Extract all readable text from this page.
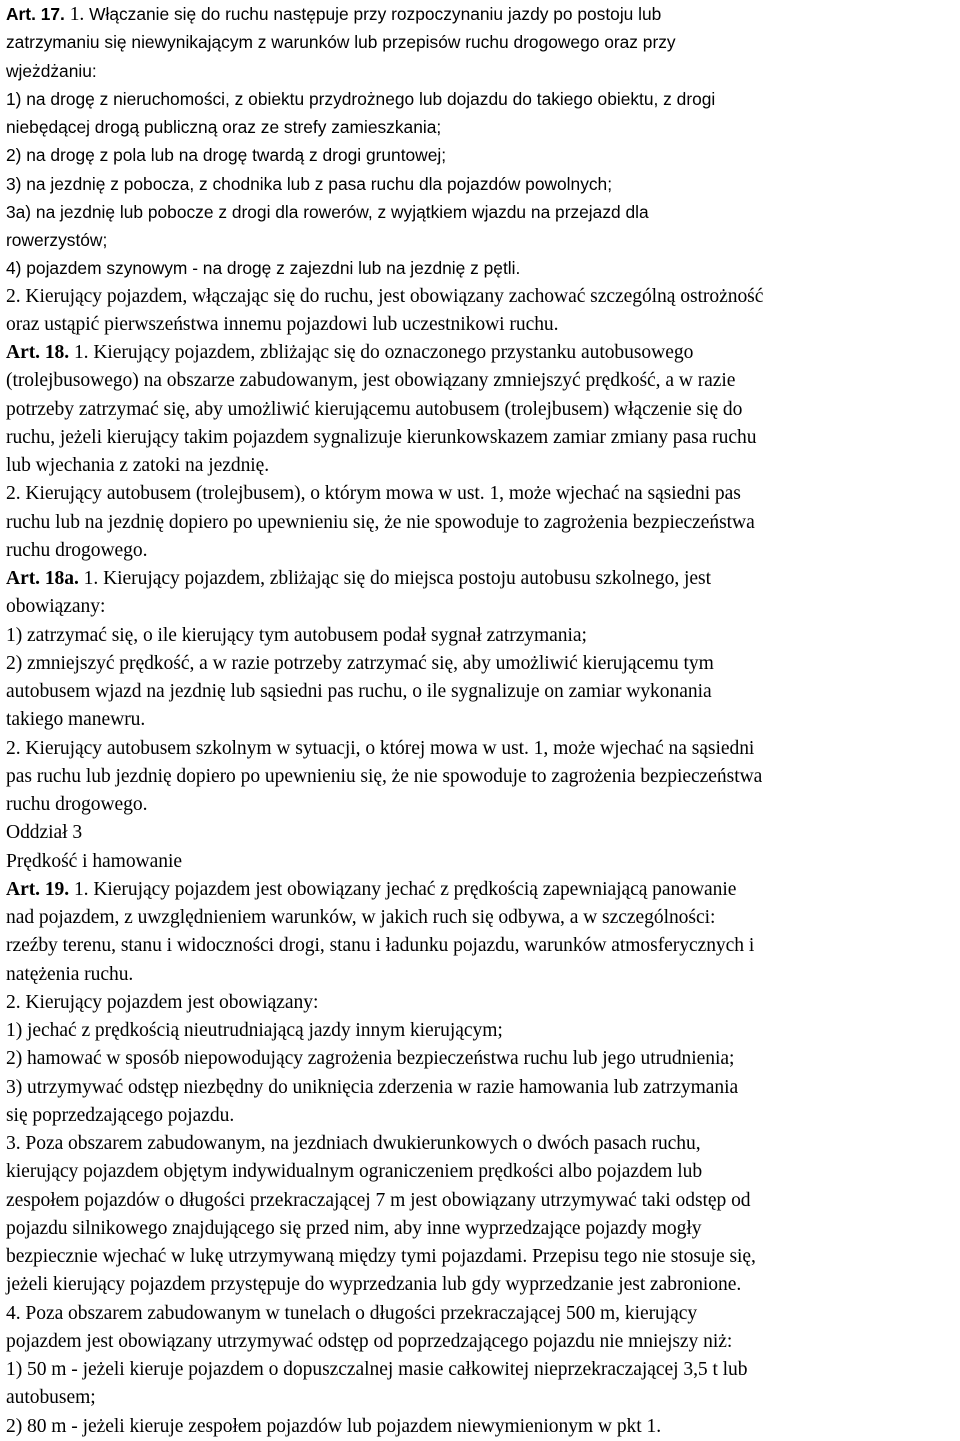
Art. 17. 1. Włączanie się do ruchu następuje przy rozpoczynaniu jazdy po postoju lub
zatrzymaniu się niewynikającym z warunków lub przepisów ruchu drogowego oraz przy
wjeżdżaniu:
1) na drogę z nieruchomości, z obiektu przydrożnego lub dojazdu do takiego obiektu, z drogi
niebędącej drogą publiczną oraz ze strefy zamieszkania;
2) na drogę z pola lub na drogę twardą z drogi gruntowej;
3) na jezdnię z pobocza, z chodnika lub z pasa ruchu dla pojazdów powolnych;
3a) na jezdnię lub pobocze z drogi dla rowerów, z wyjątkiem wjazdu na przejazd dla
rowerzystów;
4) pojazdem szynowym - na drogę z zajezdni lub na jezdnię z pętli.
2. Kierujący pojazdem, włączając się do ruchu, jest obowiązany zachować szczególną ostrożność
oraz ustąpić pierwszeństwa innemu pojazdowi lub uczestnikowi ruchu.
Art. 18. 1. Kierujący pojazdem, zbliżając się do oznaczonego przystanku autobusowego
(trolejbusowego) na obszarze zabudowanym, jest obowiązany zmniejszyć prędkość, a w razie
potrzeby zatrzymać się, aby umożliwić kierującemu autobusem (trolejbusem) włączenie się do
ruchu, jeżeli kierujący takim pojazdem sygnalizuje kierunkowskazem zamiar zmiany pasa ruchu
lub wjechania z zatoki na jezdnię.
2. Kierujący autobusem (trolejbusem), o którym mowa w ust. 1, może wjechać na sąsiedni pas
ruchu lub na jezdnię dopiero po upewnieniu się, że nie spowoduje to zagrożenia bezpieczeństwa
ruchu drogowego.
Art. 18a. 1. Kierujący pojazdem, zbliżając się do miejsca postoju autobusu szkolnego, jest
obowiązany:
1) zatrzymać się, o ile kierujący tym autobusem podał sygnał zatrzymania;
2) zmniejszyć prędkość, a w razie potrzeby zatrzymać się, aby umożliwić kierującemu tym
autobusem wjazd na jezdnię lub sąsiedni pas ruchu, o ile sygnalizuje on zamiar wykonania
takiego manewru.
2. Kierujący autobusem szkolnym w sytuacji, o której mowa w ust. 1, może wjechać na sąsiedni
pas ruchu lub jezdnię dopiero po upewnieniu się, że nie spowoduje to zagrożenia bezpieczeństwa
ruchu drogowego.
Oddział 3
Prędkość i hamowanie
Art. 19. 1. Kierujący pojazdem jest obowiązany jechać z prędkością zapewniającą panowanie
nad pojazdem, z uwzględnieniem warunków, w jakich ruch się odbywa, a w szczególności:
rzeźby terenu, stanu i widoczności drogi, stanu i ładunku pojazdu, warunków atmosferycznych i
natężenia ruchu.
2. Kierujący pojazdem jest obowiązany:
1) jechać z prędkością nieutrudniającą jazdy innym kierującym;
2) hamować w sposób niepowodujący zagrożenia bezpieczeństwa ruchu lub jego utrudnienia;
3) utrzymywać odstęp niezbędny do uniknięcia zderzenia w razie hamowania lub zatrzymania
się poprzedzającego pojazdu.
3. Poza obszarem zabudowanym, na jezdniach dwukierunkowych o dwóch pasach ruchu,
kierujący pojazdem objętym indywidualnym ograniczeniem prędkości albo pojazdem lub
zespołem pojazdów o długości przekraczającej 7 m jest obowiązany utrzymywać taki odstęp od
pojazdu silnikowego znajdującego się przed nim, aby inne wyprzedzające pojazdy mogły
bezpiecznie wjechać w lukę utrzymywaną między tymi pojazdami. Przepisu tego nie stosuje się,
jeżeli kierujący pojazdem przystępuje do wyprzedzania lub gdy wyprzedzanie jest zabronione.
4. Poza obszarem zabudowanym w tunelach o długości przekraczającej 500 m, kierujący
pojazdem jest obowiązany utrzymywać odstęp od poprzedzającego pojazdu nie mniejszy niż:
1) 50 m - jeżeli kieruje pojazdem o dopuszczalnej masie całkowitej nieprzekraczającej 3,5 t lub
autobusem;
2) 80 m - jeżeli kieruje zespołem pojazdów lub pojazdem niewymienionym w pkt 1.
